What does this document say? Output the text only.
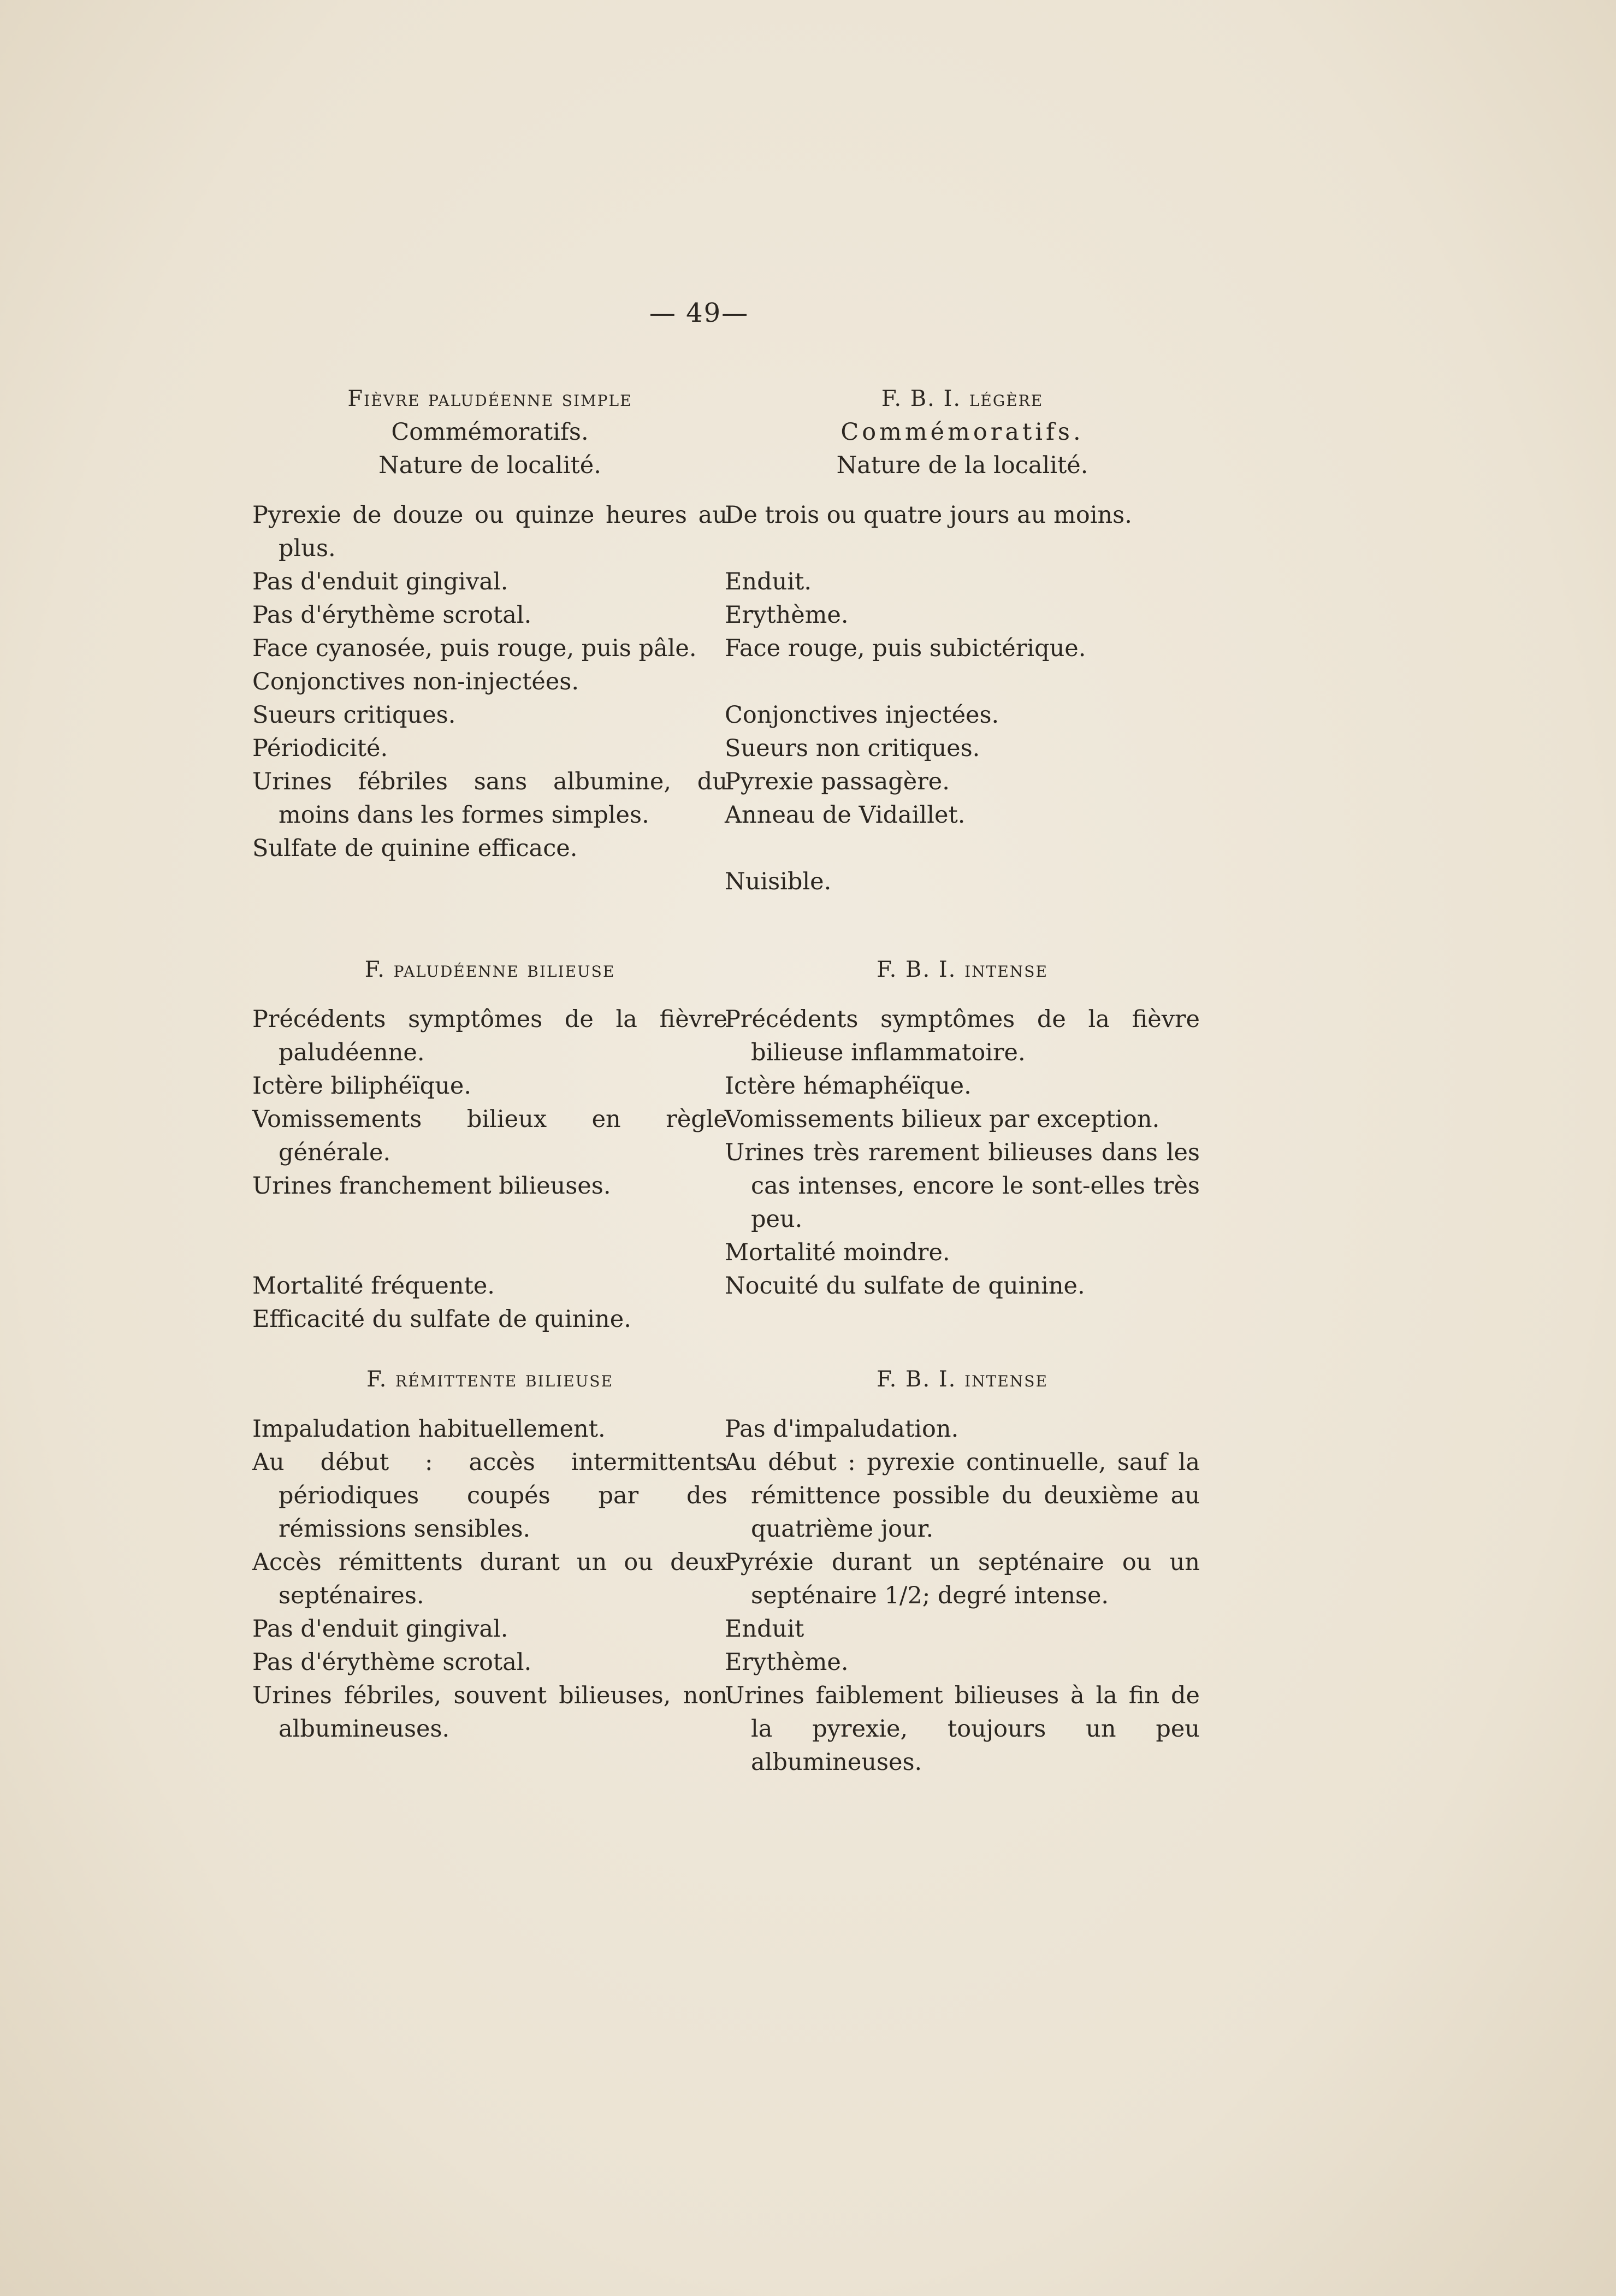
— 49—
Fièvre paludéenne simple
Commémoratifs.
Nature de localité.

Pyrexie de douze ou quinze heures au plus.

Pas d'enduit gingival.

Pas d'érythème scrotal.

Face cyanosée, puis rouge, puis pâle.

Conjonctives non-injectées.

Sueurs critiques.

Périodicité.

Urines fébriles sans albumine, du moins dans les formes simples.

Sulfate de quinine efficace.

F. paludéenne bilieuse

Précédents symptômes de la fièvre paludéenne.

Ictère biliphéïque.

Vomissements bilieux en règle générale.

Urines franchement bilieuses.

Mortalité fréquente.

Efficacité du sulfate de quinine.

F. rémittente bilieuse

Impaludation habituellement.

Au début : accès intermittents périodiques coupés par des rémissions sensibles.

Accès rémittents durant un ou deux septénaires.

Pas d'enduit gingival.

Pas d'érythème scrotal.

Urines fébriles, souvent bilieuses, non albumineuses.

F. B. I. légère
Commémoratifs.
Nature de la localité.

De trois ou quatre jours au moins.

Enduit.

Erythème.

Face rouge, puis subictérique.

Conjonctives injectées.

Sueurs non critiques.

Pyrexie passagère.

Anneau de Vidaillet.

Nuisible.

F. B. I. intense

Précédents symptômes de la fièvre bilieuse inflammatoire.

Ictère hémaphéïque.

Vomissements bilieux par exception.

Urines très rarement bilieuses dans les cas intenses, encore le sont-elles très peu.

Mortalité moindre.

Nocuité du sulfate de quinine.

F. B. I. intense

Pas d'impaludation.

Au début : pyrexie continuelle, sauf la rémittence possible du deuxième au quatrième jour.

Pyréxie durant un septénaire ou un septénaire 1/2; degré intense.

Enduit

Erythème.

Urines faiblement bilieuses à la fin de la pyrexie, toujours un peu albumineuses.
